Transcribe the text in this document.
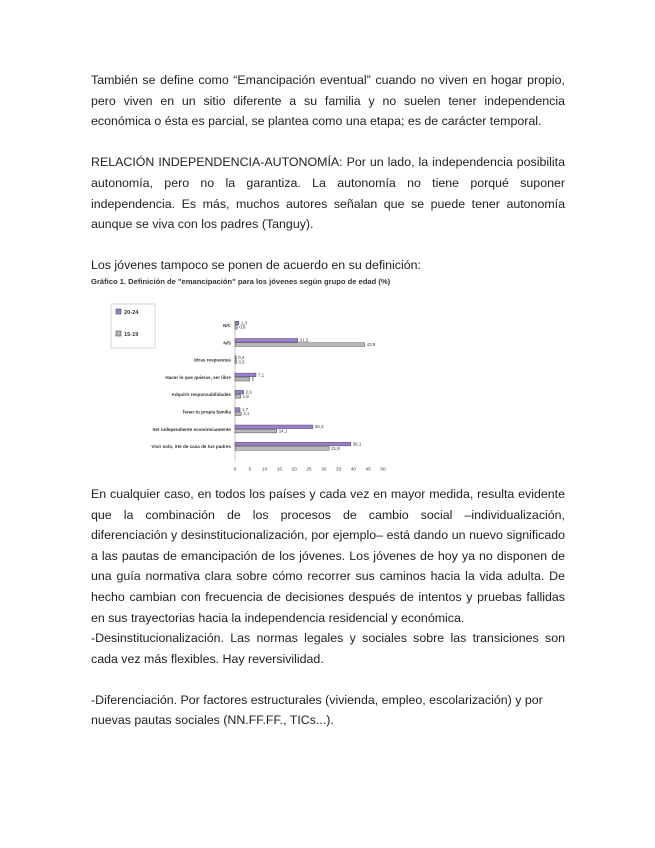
También se define como “Emancipación eventual” cuando no viven en hogar propio, pero viven en un sitio diferente a su familia y no suelen tener independencia económica o ésta es parcial, se plantea como una etapa; es de carácter temporal.

RELACIÓN INDEPENDENCIA-AUTONOMÍA: Por un lado, la independencia posibilita autonomía, pero no la garantiza. La autonomía no tiene porqué suponer independencia. Es más, muchos autores señalan que se puede tener autonomía aunque se viva con los padres (Tanguy).

Los jóvenes tampoco se ponen de acuerdo en su definición:

Gráfico 1. Definición de "emancipación" para los jóvenes según grupo de edad (%)

20-24
15-19
N/C
1,3
0,8
N/S
21,2
43,8
Otras respuestas
0,4
0,5
Hacer lo que quieras, ser libre
7,1
5
Adquirir responsabilidades
2,9
1,9
Tener tu propia familia
1,7
2,1
Ser independiente económicamente
26,3
14,1
Vivir solo, irte de casa de tus padres
39,1
31,8
0	5 10 15 20 25 30 35 40 45 50

En cualquier caso, en todos los países y cada vez en mayor medida, resulta evidente que la combinación de los procesos de cambio social –individualización, diferenciación y desinstitucionalización, por ejemplo– está dando un nuevo significado a las pautas de emancipación de los jóvenes. Los jóvenes de hoy ya no disponen de una guía normativa clara sobre cómo recorrer sus caminos hacia la vida adulta. De hecho cambian con frecuencia de decisiones después de intentos y pruebas fallidas en sus trayectorias hacia la independencia residencial y económica.

-Desinstitucionalización. Las normas legales y sociales sobre las transiciones son cada vez más flexibles. Hay reversivilidad.

-Diferenciación. Por factores estructurales (vivienda, empleo, escolarización) y por nuevas pautas sociales (NN.FF.FF., TICs...).
